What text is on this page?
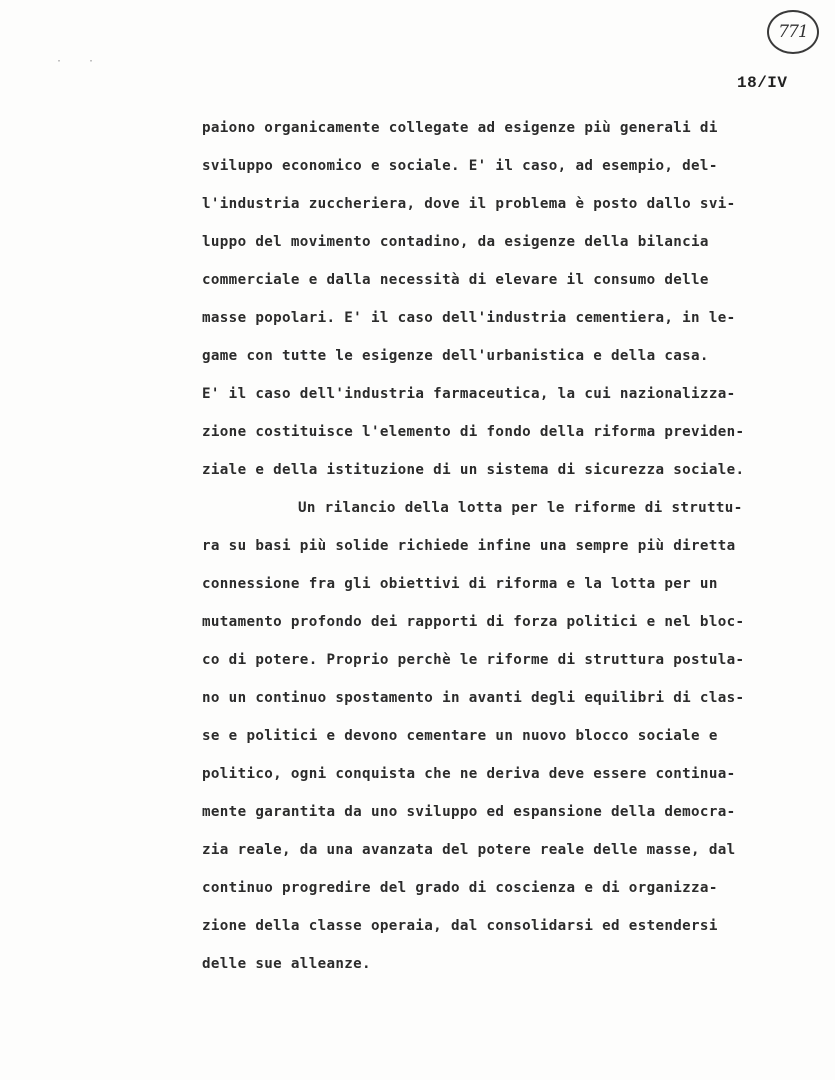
· ·
771
18/IV
paiono organicamente collegate ad esigenze più generali di
sviluppo economico e sociale. E' il caso, ad esempio, del-
l'industria zuccheriera, dove il problema è posto dallo svi-
luppo del movimento contadino, da esigenze della bilancia
commerciale e dalla necessità di elevare il consumo delle
masse popolari. E' il caso dell'industria cementiera, in le-
game con tutte le esigenze dell'urbanistica e della casa.
E' il caso dell'industria farmaceutica, la cui nazionalizza-
zione costituisce l'elemento di fondo della riforma previden-
ziale e della istituzione di un sistema di sicurezza sociale.
Un rilancio della lotta per le riforme di struttu-
ra su basi più solide richiede infine una sempre più diretta
connessione fra gli obiettivi di riforma e la lotta per un
mutamento profondo dei rapporti di forza politici e nel bloc-
co di potere. Proprio perchè le riforme di struttura postula-
no un continuo spostamento in avanti degli equilibri di clas-
se e politici e devono cementare un nuovo blocco sociale e
politico, ogni conquista che ne deriva deve essere continua-
mente garantita da uno sviluppo ed espansione della democra-
zia reale, da una avanzata del potere reale delle masse, dal
continuo progredire del grado di coscienza e di organizza-
zione della classe operaia, dal consolidarsi ed estendersi
delle sue alleanze.
